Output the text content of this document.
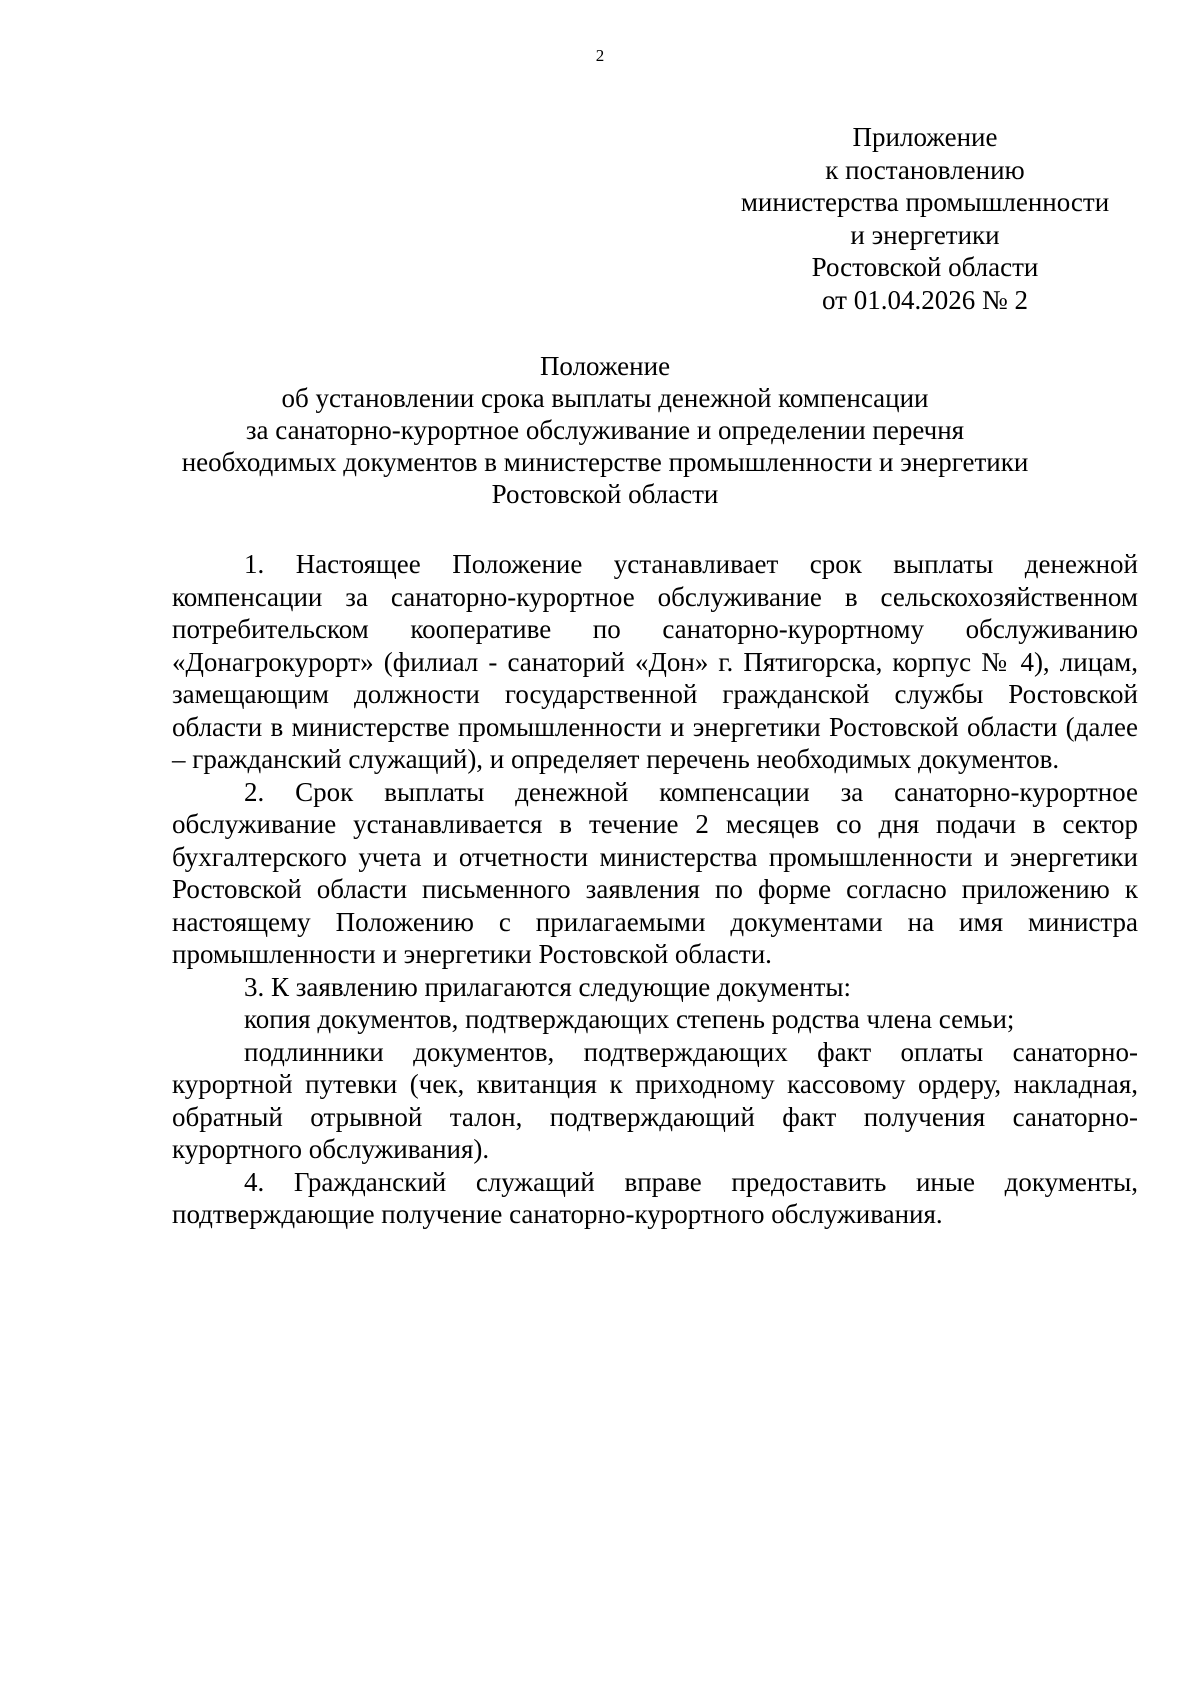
2
Приложение
к постановлению
министерства промышленности
и энергетики
Ростовской области
от 01.04.2026 № 2
Положение
об установлении срока выплаты денежной компенсации
за санаторно-курортное обслуживание и определении перечня
необходимых документов в министерстве промышленности и энергетики
Ростовской области

1. Настоящее Положение устанавливает срок выплаты денежной компенсации за санаторно-курортное обслуживание в сельскохозяйственном потребительском кооперативе по санаторно-курортному обслуживанию «Донагрокурорт» (филиал - санаторий «Дон» г. Пятигорска, корпус № 4), лицам, замещающим должности государственной гражданской службы Ростовской области в министерстве промышленности и энергетики Ростовской области (далее – гражданский служащий), и определяет перечень необходимых документов.

2. Срок выплаты денежной компенсации за санаторно-курортное обслуживание устанавливается в течение 2 месяцев со дня подачи в сектор бухгалтерского учета и отчетности министерства промышленности и энергетики Ростовской области письменного заявления по форме согласно приложению к настоящему Положению с прилагаемыми документами на имя министра промышленности и энергетики Ростовской области.

3. К заявлению прилагаются следующие документы:

копия документов, подтверждающих степень родства члена семьи;

подлинники документов, подтверждающих факт оплаты санаторно-курортной путевки (чек, квитанция к приходному кассовому ордеру, накладная, обратный отрывной талон, подтверждающий факт получения санаторно-курортного обслуживания).

4. Гражданский служащий вправе предоставить иные документы, подтверждающие получение санаторно-курортного обслуживания.
